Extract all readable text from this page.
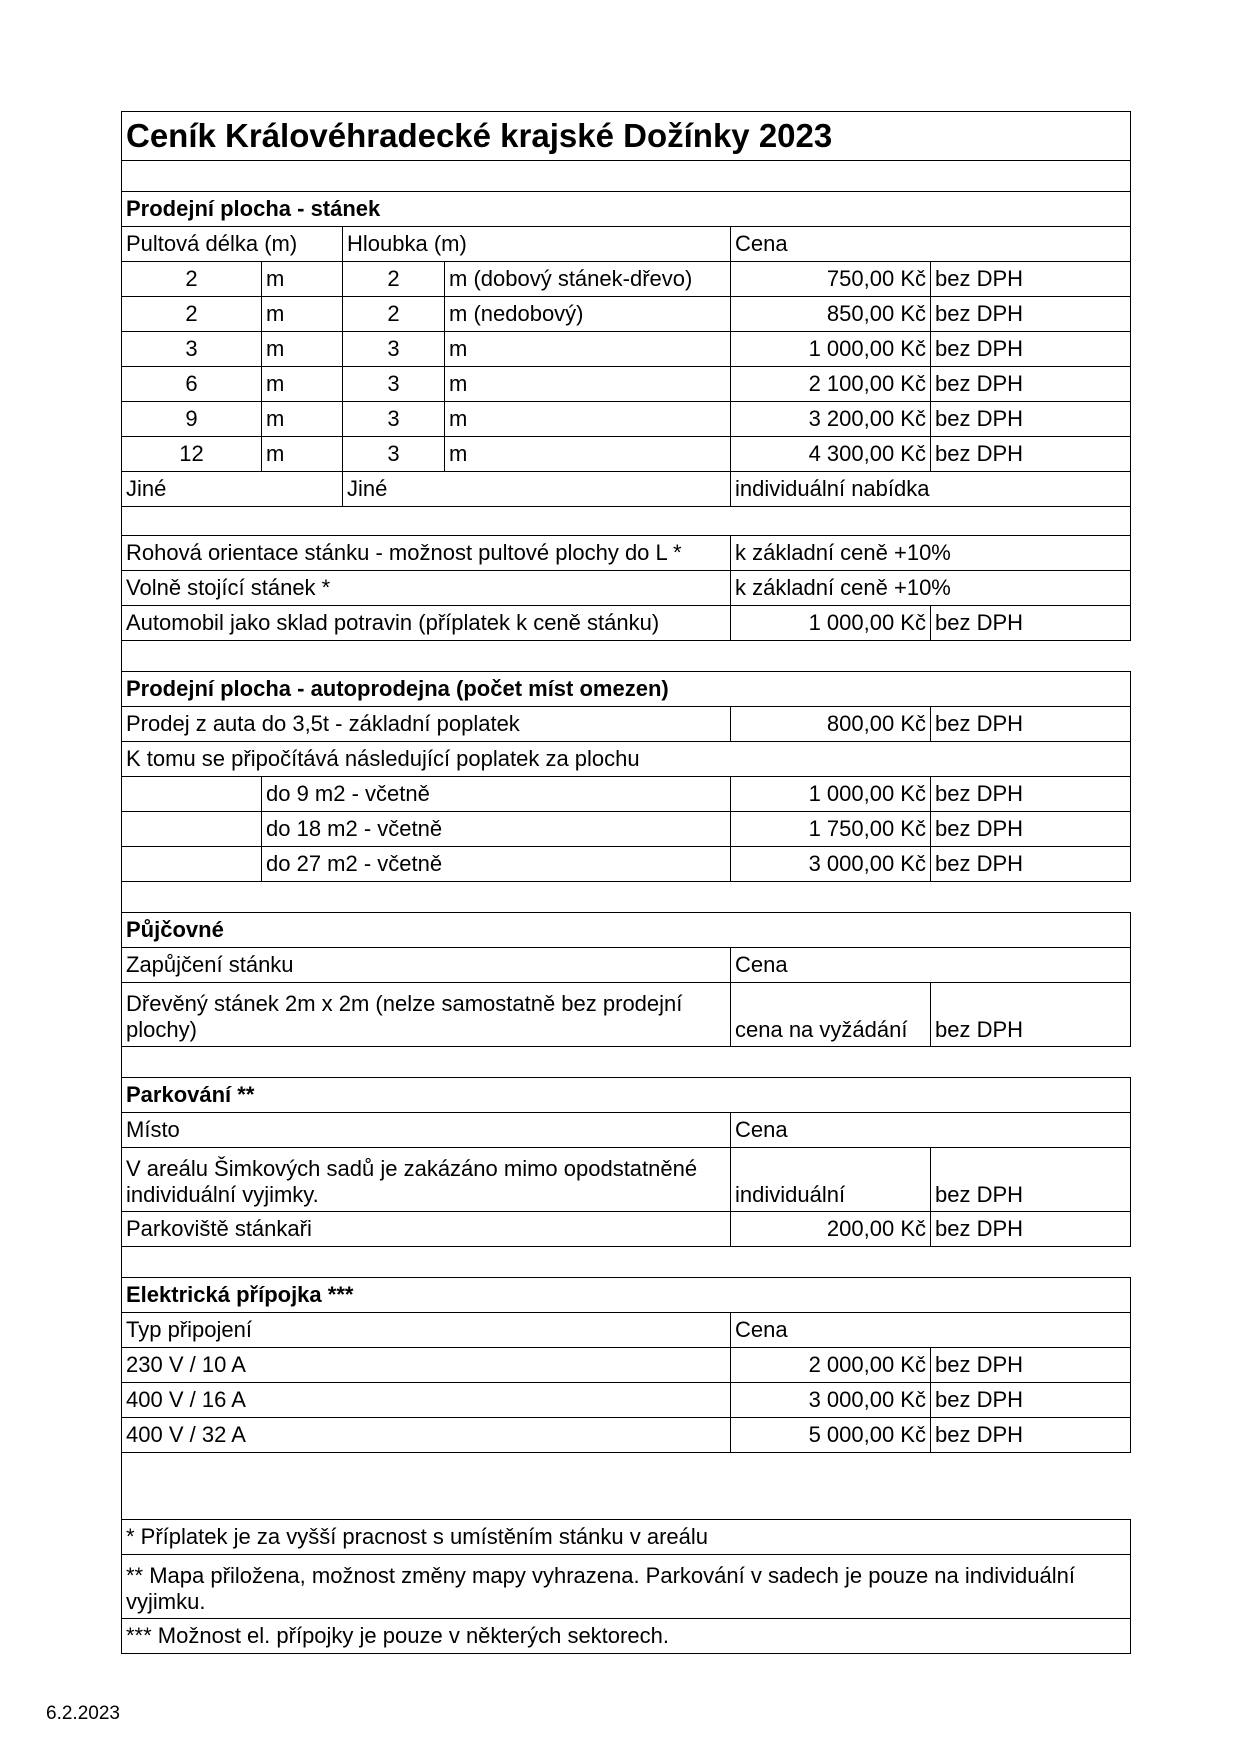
Ceník Královéhradecké krajské Dožínky 2023					

Prodejní plocha - stánek					
Pultová délka (m)		Hloubka (m)		Cena	
2	m	2	m (dobový stánek-dřevo)	750,00 Kč	bez DPH
2	m	2	m (nedobový)	850,00 Kč	bez DPH
3	m	3	m	1 000,00 Kč	bez DPH
6	m	3	m	2 100,00 Kč	bez DPH
9	m	3	m	3 200,00 Kč	bez DPH
12	m	3	m	4 300,00 Kč	bez DPH
Jiné		Jiné		individuální nabídka	

Rohová orientace stánku - možnost pultové plochy do L *				k základní ceně +10%	
Volně stojící stánek *				k základní ceně +10%	
Automobil jako sklad potravin (příplatek k ceně stánku)				1 000,00 Kč	bez DPH

Prodejní plocha - autoprodejna (počet míst omezen)					
Prodej z auta do 3,5t - základní poplatek				800,00 Kč	bez DPH
K tomu se připočítává následující poplatek za plochu					
	do 9 m2 - včetně			1 000,00 Kč	bez DPH
	do 18 m2 - včetně			1 750,00 Kč	bez DPH
	do 27 m2 - včetně			3 000,00 Kč	bez DPH

Půjčovné					
Zapůjčení stánku				Cena	
Dřevěný stánek 2m x 2m (nelze samostatně bez prodejní plochy)				cena na vyžádání	bez DPH

Parkování **					
Místo				Cena	
V areálu Šimkových sadů je zakázáno mimo opodstatněné individuální vyjimky.				individuální	bez DPH
Parkoviště stánkaři				200,00 Kč	bez DPH

Elektrická přípojka ***					
Typ připojení				Cena	
230 V / 10 A				2 000,00 Kč	bez DPH
400 V / 16 A				3 000,00 Kč	bez DPH
400 V / 32 A				5 000,00 Kč	bez DPH

* Příplatek je za vyšší pracnost s umístěním stánku v areálu					
** Mapa přiložena, možnost změny mapy vyhrazena. Parkování v sadech je pouze na individuální vyjimku.					
*** Možnost el. přípojky je pouze v některých sektorech.					
6.2.2023
